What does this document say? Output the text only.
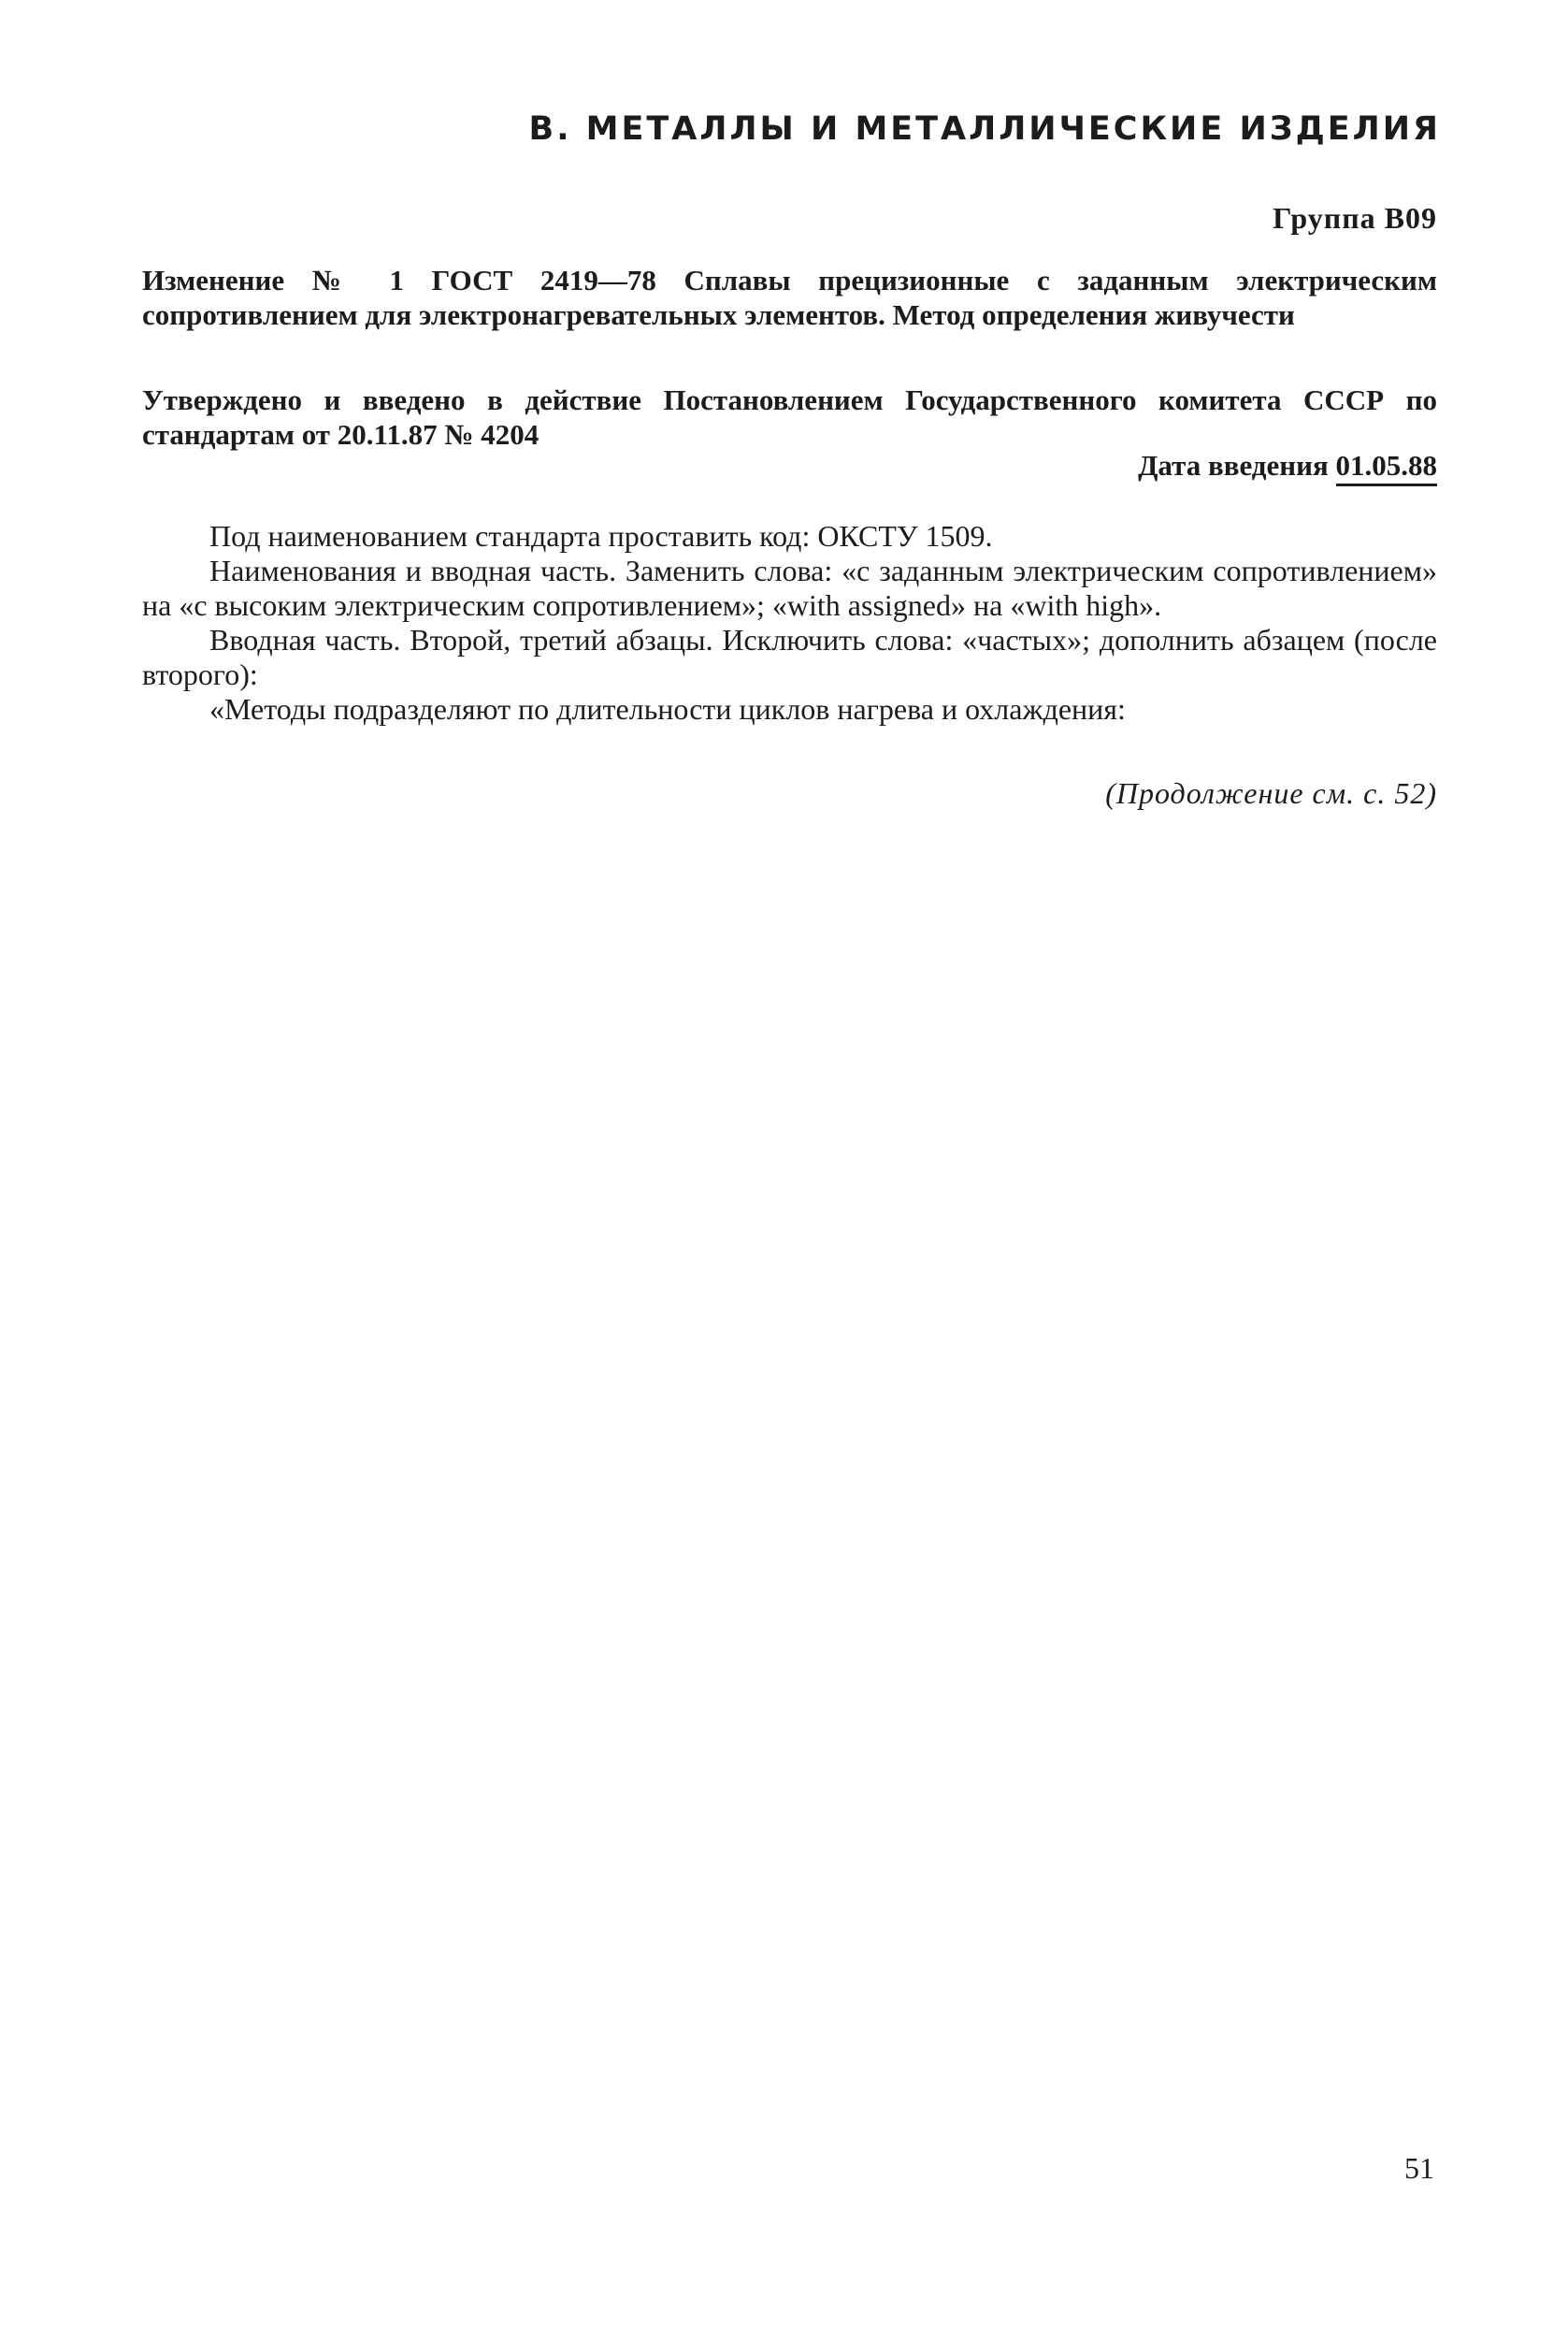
В. МЕТАЛЛЫ И МЕТАЛЛИЧЕСКИЕ ИЗДЕЛИЯ
Группа В09
Изменение № 1 ГОСТ 2419—78 Сплавы прецизионные с заданным электрическим сопротивлением для электронагревательных элементов. Метод определения живучести
Утверждено и введено в действие Постановлением Государственного комитета СССР по стандартам от 20.11.87 № 4204
Дата введения 01.05.88

Под наименованием стандарта проставить код: ОКСТУ 1509.

Наименования и вводная часть. Заменить слова: «с заданным электрическим сопротивлением» на «с высоким электрическим сопротивлением»; «with assigned» на «with high».

Вводная часть. Второй, третий абзацы. Исключить слова: «частых»; дополнить абзацем (после второго):

«Методы подразделяют по длительности циклов нагрева и охлаждения:

(Продолжение см. с. 52)
51
